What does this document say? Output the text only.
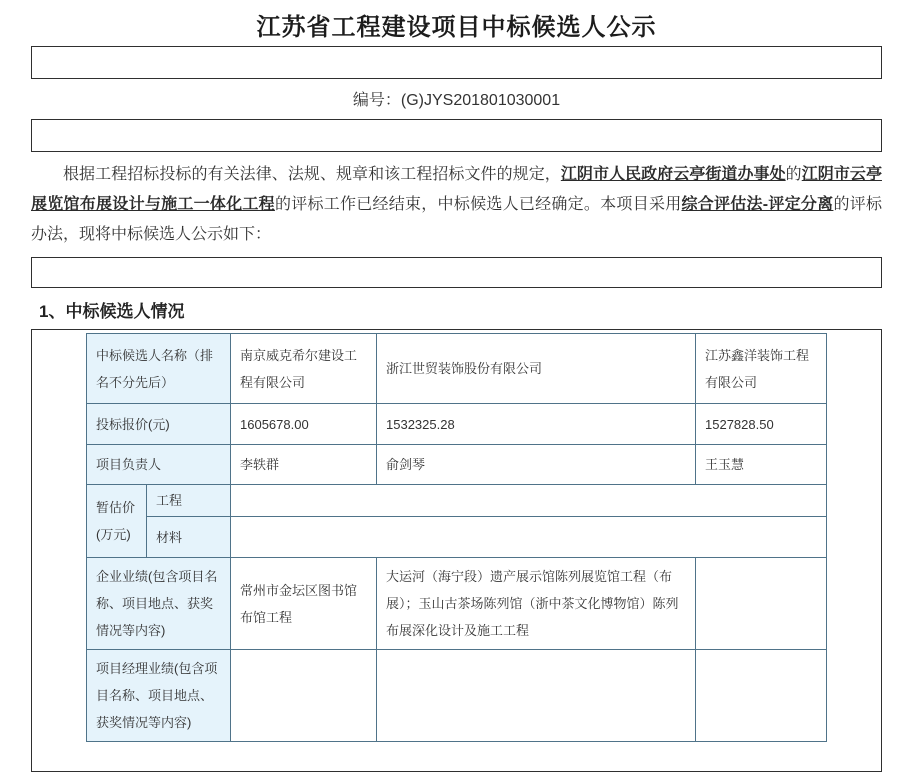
江苏省工程建设项目中标候选人公示
编号：(G)JYS201801030001

根据工程招标投标的有关法律、法规、规章和该工程招标文件的规定，江阴市人民政府云亭街道办事处的江阴市云亭展览馆布展设计与施工一体化工程的评标工作已经结束，中标候选人已经确定。本项目采用综合评估法-评定分离的评标办法，现将中标候选人公示如下：

1、中标候选人情况
中标候选人名称（排名不分先后）		南京威克希尔建设工程有限公司	浙江世贸装饰股份有限公司	江苏鑫洋装饰工程有限公司
投标报价(元)		1605678.00	1532325.28	1527828.50
项目负责人		李轶群	俞剑琴	王玉慧
暂估价(万元)	工程			
	材料			
企业业绩(包含项目名称、项目地点、获奖情况等内容)		常州市金坛区图书馆布馆工程	大运河（海宁段）遗产展示馆陈列展览馆工程（布展）；玉山古茶场陈列馆（浙中茶文化博物馆）陈列布展深化设计及施工工程	
项目经理业绩(包含项目名称、项目地点、获奖情况等内容)				
